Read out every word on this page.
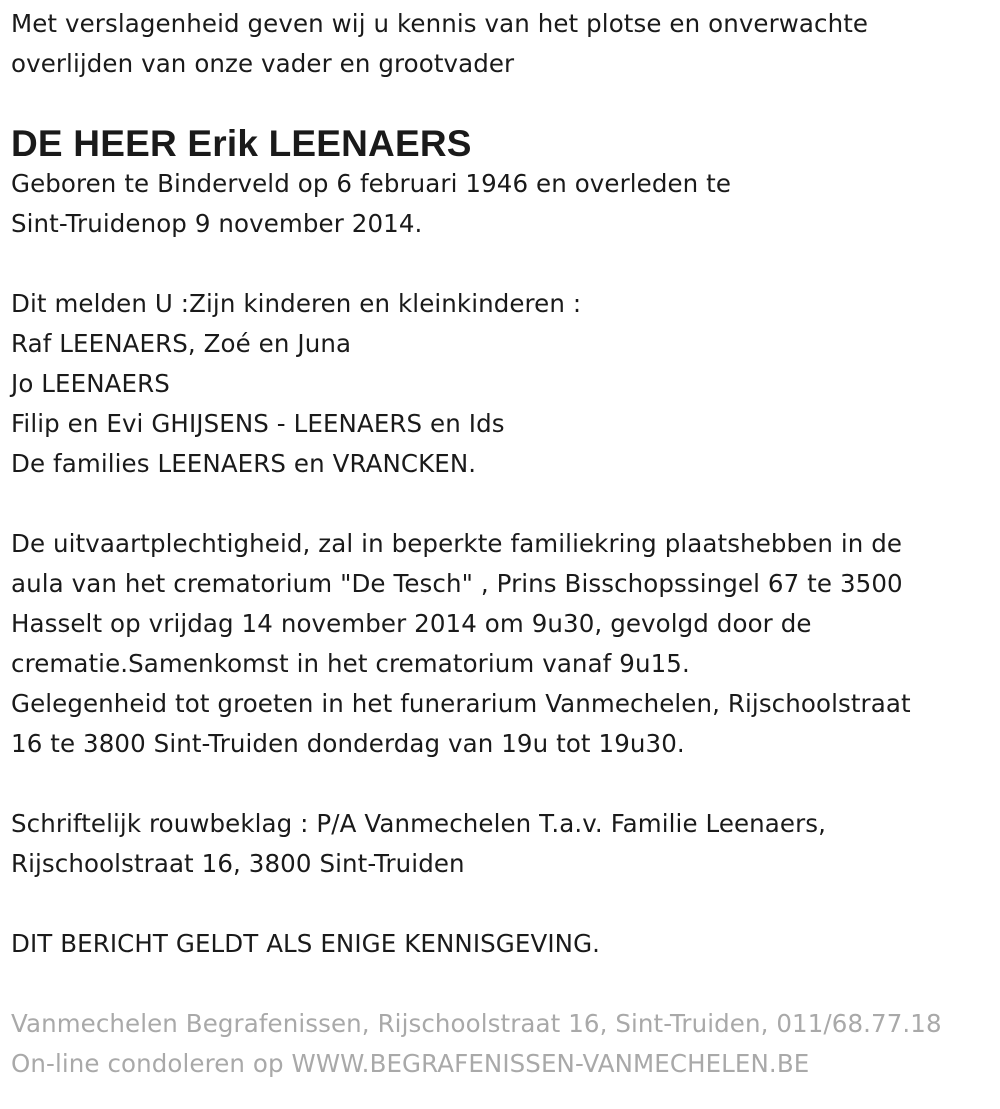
Met verslagenheid geven wij u kennis van het plotse en onverwachte
overlijden van onze vader en grootvader
DE HEER Erik LEENAERS
Geboren te Binderveld op 6 februari 1946 en overleden te
Sint-Truidenop 9 november 2014.
Dit melden U :Zijn kinderen en kleinkinderen :
Raf LEENAERS, Zoé en Juna
Jo LEENAERS
Filip en Evi GHIJSENS - LEENAERS en Ids
De families LEENAERS en VRANCKEN.
De uitvaartplechtigheid, zal in beperkte familiekring plaatshebben in de
aula van het crematorium "De Tesch" , Prins Bisschopssingel 67 te 3500
Hasselt op vrijdag 14 november 2014 om 9u30, gevolgd door de
crematie.Samenkomst in het crematorium vanaf 9u15.
Gelegenheid tot groeten in het funerarium Vanmechelen, Rijschoolstraat
16 te 3800 Sint-Truiden donderdag van 19u tot 19u30.
Schriftelijk rouwbeklag : P/A Vanmechelen T.a.v. Familie Leenaers,
Rijschoolstraat 16, 3800 Sint-Truiden
DIT BERICHT GELDT ALS ENIGE KENNISGEVING.
Vanmechelen Begrafenissen, Rijschoolstraat 16, Sint-Truiden, 011/68.77.18
On-line condoleren op WWW.BEGRAFENISSEN-VANMECHELEN.BE
